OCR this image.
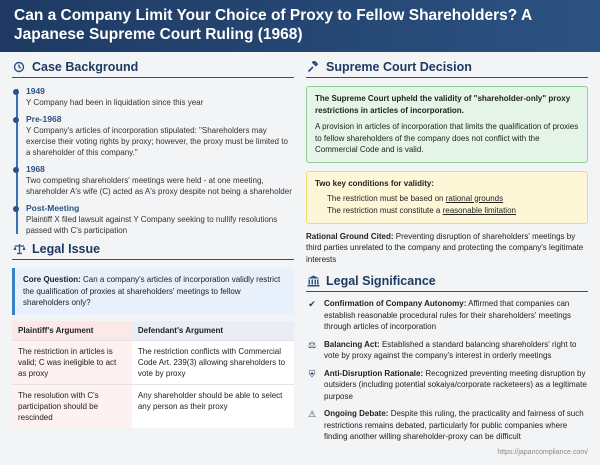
Can a Company Limit Your Choice of Proxy to Fellow Shareholders? A Japanese Supreme Court Ruling (1968)
Case Background
1949
Y Company had been in liquidation since this year
Pre-1968
Y Company's articles of incorporation stipulated: "Shareholders may exercise their voting rights by proxy; however, the proxy must be limited to a shareholder of this company."
1968
Two competing shareholders' meetings were held - at one meeting, shareholder A's wife (C) acted as A's proxy despite not being a shareholder
Post-Meeting
Plaintiff X filed lawsuit against Y Company seeking to nullify resolutions passed with C's participation
Legal Issue
Core Question: Can a company's articles of incorporation validly restrict the qualification of proxies at shareholders' meetings to fellow shareholders only?
Plaintiff's Argument	Defendant's Argument
The restriction in articles is valid; C was ineligible to act as proxy	The restriction conflicts with Commercial Code Art. 239(3) allowing shareholders to vote by proxy
The resolution with C's participation should be rescinded	Any shareholder should be able to select any person as their proxy
Supreme Court Decision
The Supreme Court upheld the validity of "shareholder-only" proxy restrictions in articles of incorporation.
A provision in articles of incorporation that limits the qualification of proxies to fellow shareholders of the company does not conflict with the Commercial Code and is valid.
Two key conditions for validity:
The restriction must be based on rational grounds
The restriction must constitute a reasonable limitation
Rational Ground Cited: Preventing disruption of shareholders' meetings by third parties unrelated to the company and protecting the company's legitimate interests
Legal Significance
✔ Confirmation of Company Autonomy: Affirmed that companies can establish reasonable procedural rules for their shareholders' meetings through articles of incorporation
⚖ Balancing Act: Established a standard balancing shareholders' right to vote by proxy against the company's interest in orderly meetings
⛨	Anti-Disruption Rationale: Recognized preventing meeting disruption by outsiders (including potential sokaiya/corporate racketeers) as a legitimate purpose
⚠ Ongoing Debate: Despite this ruling, the practicality and fairness of such restrictions remains debated, particularly for public companies where finding another willing shareholder-proxy can be difficult
https://japancompliance.com/
